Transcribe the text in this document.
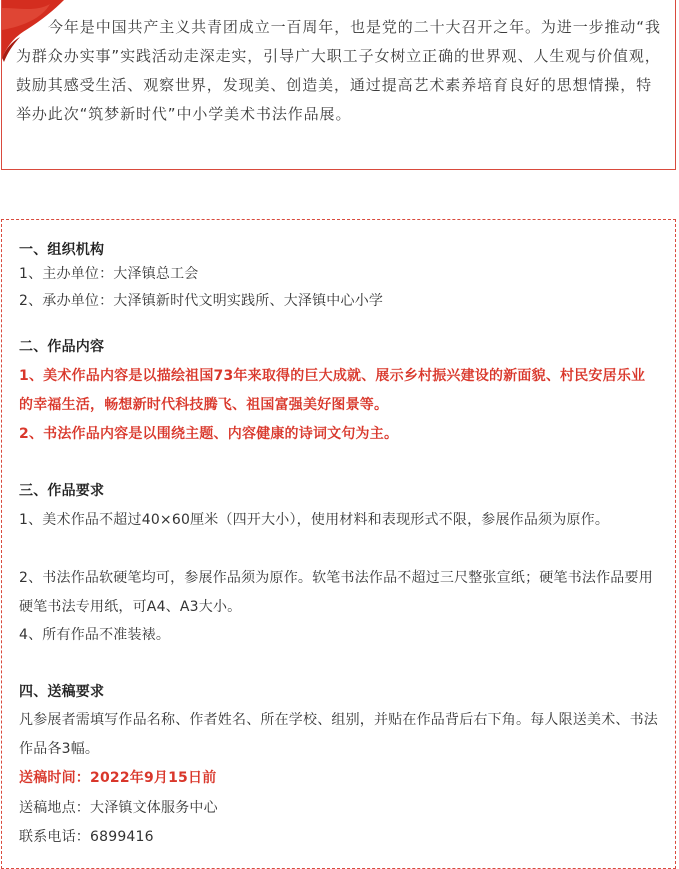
今年是中国共产主义共青团成立一百周年，也是党的二十大召开之年。为进一步推动“我为群众办实事”实践活动走深走实，引导广大职工子女树立正确的世界观、人生观与价值观，鼓励其感受生活、观察世界，发现美、创造美，通过提高艺术素养培育良好的思想情操，特举办此次“筑梦新时代”中小学美术书法作品展。

一、组织机构

1、主办单位：大泽镇总工会

2、承办单位：大泽镇新时代文明实践所、大泽镇中心小学

二、作品内容

1、美术作品内容是以描绘祖国73年来取得的巨大成就、展示乡村振兴建设的新面貌、村民安居乐业的幸福生活，畅想新时代科技腾飞、祖国富强美好图景等。

2、书法作品内容是以围绕主题、内容健康的诗词文句为主。

三、作品要求

1、美术作品不超过40×60厘米（四开大小），使用材料和表现形式不限，参展作品须为原作。

2、书法作品软硬笔均可，参展作品须为原作。软笔书法作品不超过三尺整张宣纸；硬笔书法作品要用硬笔书法专用纸，可A4、A3大小。

4、所有作品不准装裱。

四、送稿要求

凡参展者需填写作品名称、作者姓名、所在学校、组别，并贴在作品背后右下角。每人限送美术、书法作品各3幅。

送稿时间：2022年9月15日前

送稿地点：大泽镇文体服务中心

联系电话：6899416
